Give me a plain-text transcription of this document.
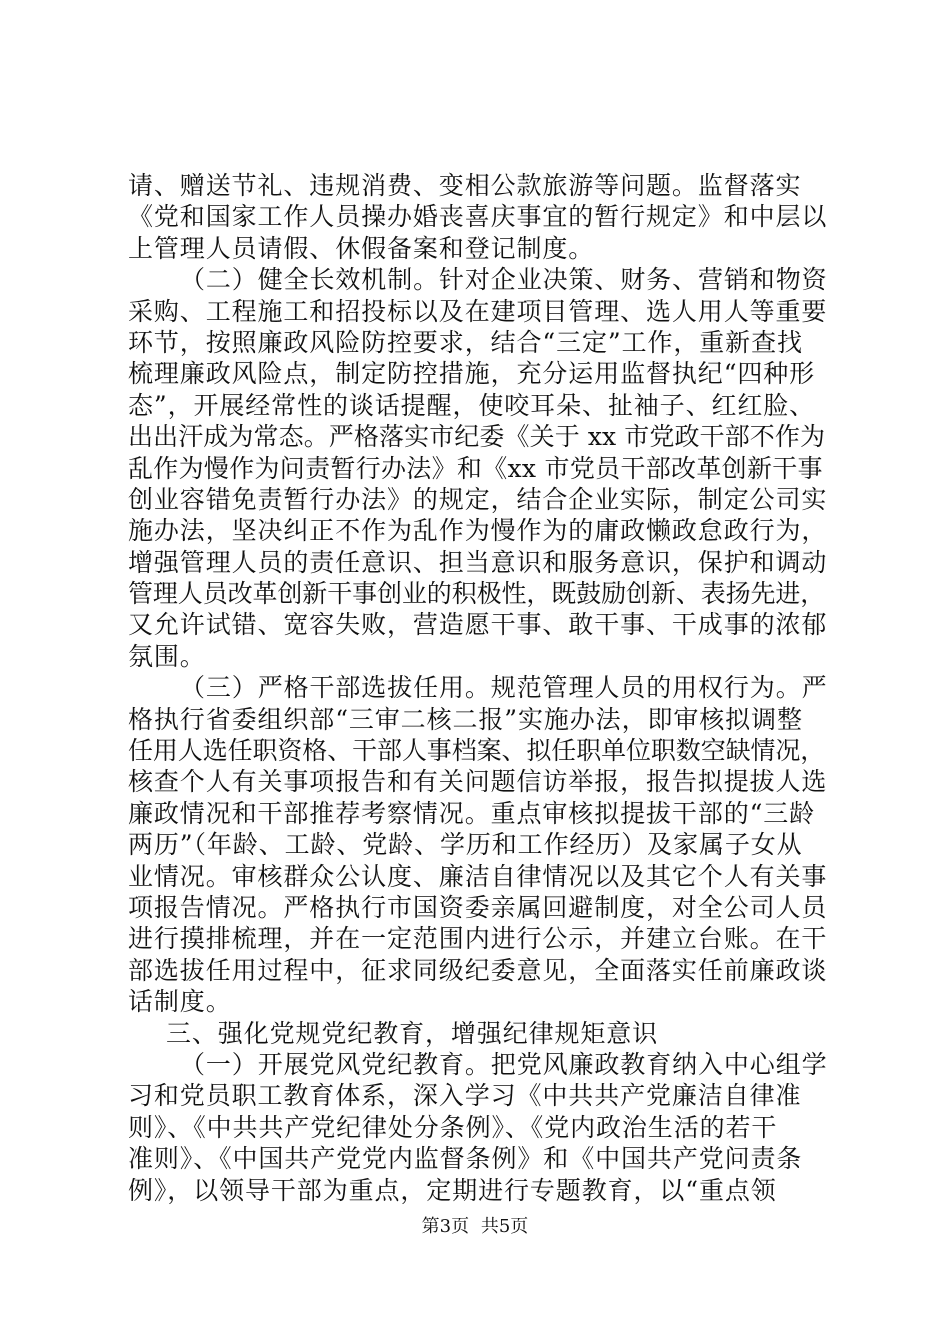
请、赠送节礼、违规消费、变相公款旅游等问题。监督落实
《党和国家工作人员操办婚丧喜庆事宜的暂行规定》和中层以
上管理人员请假、休假备案和登记制度。
（二）健全长效机制。针对企业决策、财务、营销和物资
采购、工程施工和招投标以及在建项目管理、选人用人等重要
环节，按照廉政风险防控要求，结合“三定”工作，重新查找
梳理廉政风险点，制定防控措施，充分运用监督执纪“四种形
态”，开展经常性的谈话提醒，使咬耳朵、扯袖子、红红脸、
出出汗成为常态。严格落实市纪委《关于 xx 市党政干部不作为
乱作为慢作为问责暂行办法》和《xx 市党员干部改革创新干事
创业容错免责暂行办法》的规定，结合企业实际，制定公司实
施办法，坚决纠正不作为乱作为慢作为的庸政懒政怠政行为，
增强管理人员的责任意识、担当意识和服务意识，保护和调动
管理人员改革创新干事创业的积极性，既鼓励创新、表扬先进，
又允许试错、宽容失败，营造愿干事、敢干事、干成事的浓郁
氛围。
（三）严格干部选拔任用。规范管理人员的用权行为。严
格执行省委组织部“三审二核二报”实施办法，即审核拟调整
任用人选任职资格、干部人事档案、拟任职单位职数空缺情况，
核查个人有关事项报告和有关问题信访举报，报告拟提拔人选
廉政情况和干部推荐考察情况。重点审核拟提拔干部的“三龄
两历”（年龄、工龄、党龄、学历和工作经历）及家属子女从
业情况。审核群众公认度、廉洁自律情况以及其它个人有关事
项报告情况。严格执行市国资委亲属回避制度，对全公司人员
进行摸排梳理，并在一定范围内进行公示，并建立台账。在干
部选拔任用过程中，征求同级纪委意见，全面落实任前廉政谈
话制度。
三、强化党规党纪教育，增强纪律规矩意识
（一）开展党风党纪教育。把党风廉政教育纳入中心组学
习和党员职工教育体系，深入学习《中共共产党廉洁自律准
则》、《中共共产党纪律处分条例》、《党内政治生活的若干
准则》、《中国共产党党内监督条例》和《中国共产党问责条
例》，以领导干部为重点，定期进行专题教育，以“重点领
第3页 共5页
